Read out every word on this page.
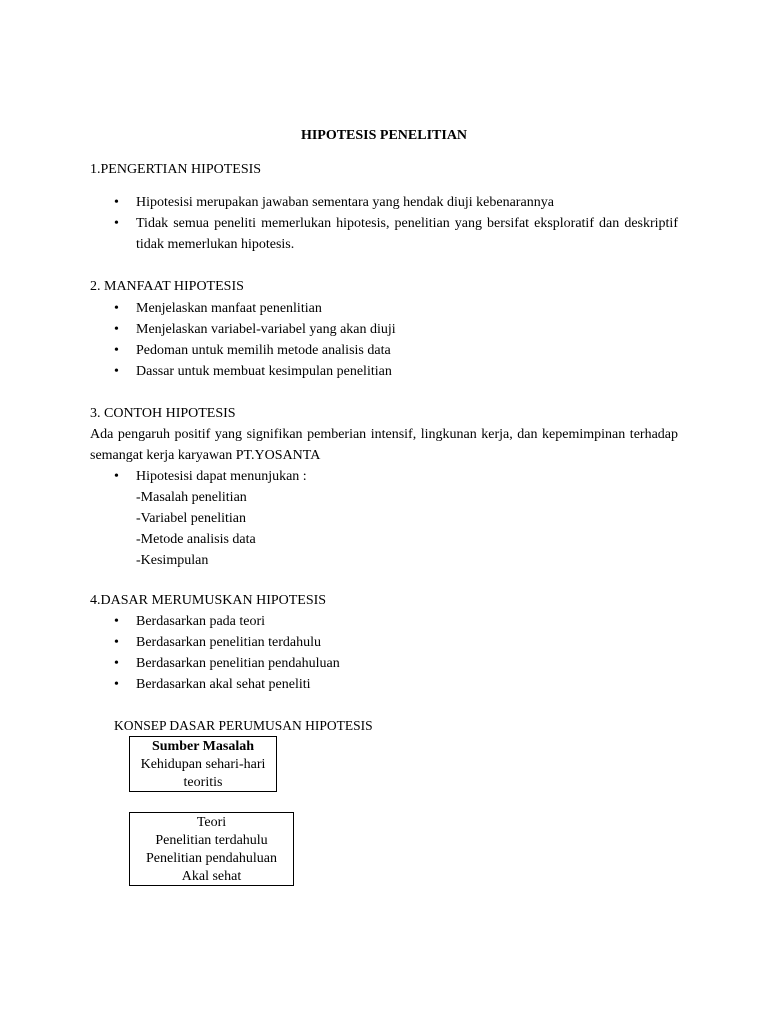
HIPOTESIS PENELITIAN
1.PENGERTIAN HIPOTESIS
• Hipotesisi merupakan jawaban sementara yang hendak diuji kebenarannya
• Tidak semua peneliti memerlukan hipotesis, penelitian yang bersifat eksploratif dan deskriptif tidak memerlukan hipotesis.
2. MANFAAT HIPOTESIS
• Menjelaskan manfaat penenlitian
• Menjelaskan variabel-variabel yang akan diuji
• Pedoman untuk memilih metode analisis data
• Dassar untuk membuat kesimpulan penelitian
3. CONTOH HIPOTESIS

Ada pengaruh positif yang signifikan pemberian intensif, lingkunan kerja, dan kepemimpinan terhadap semangat kerja karyawan PT.YOSANTA

• Hipotesisi dapat menunjukan :
-Masalah penelitian
-Variabel penelitian
-Metode analisis data
-Kesimpulan
4.DASAR MERUMUSKAN HIPOTESIS
• Berdasarkan pada teori
• Berdasarkan penelitian terdahulu
• Berdasarkan penelitian pendahuluan
• Berdasarkan akal sehat peneliti
KONSEP DASAR PERUMUSAN HIPOTESIS
Sumber Masalah
Kehidupan sehari-hari
teoritis
Teori
Penelitian terdahulu
Penelitian pendahuluan
Akal sehat
